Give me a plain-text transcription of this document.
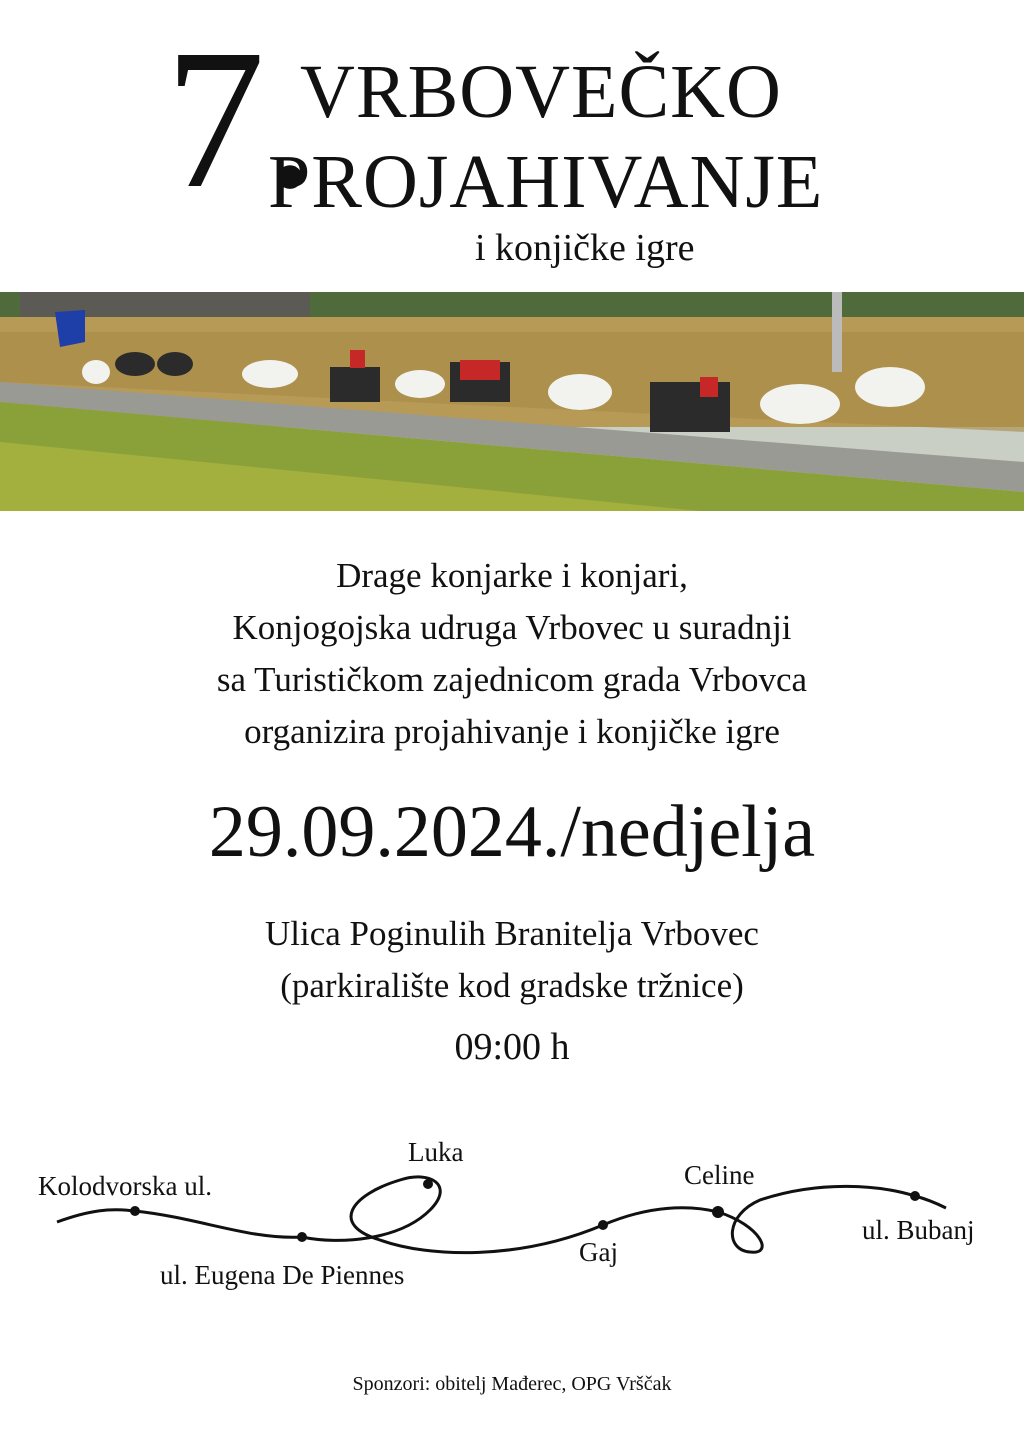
7.
VRBOVEČKO
PROJAHIVANJE
i konjičke igre
Drage konjarke i konjari,
Konjogojska udruga Vrbovec u suradnji
sa Turističkom zajednicom grada Vrbovca
organizira projahivanje i konjičke igre
29.09.2024./nedjelja
Ulica Poginulih Branitelja Vrbovec
(parkiralište kod gradske tržnice)
09:00 h
Kolodvorska ul.
ul. Eugena De Piennes
Luka
Gaj
Celine
ul. Bubanj
Sponzori: obitelj Mađerec, OPG Vrščak
